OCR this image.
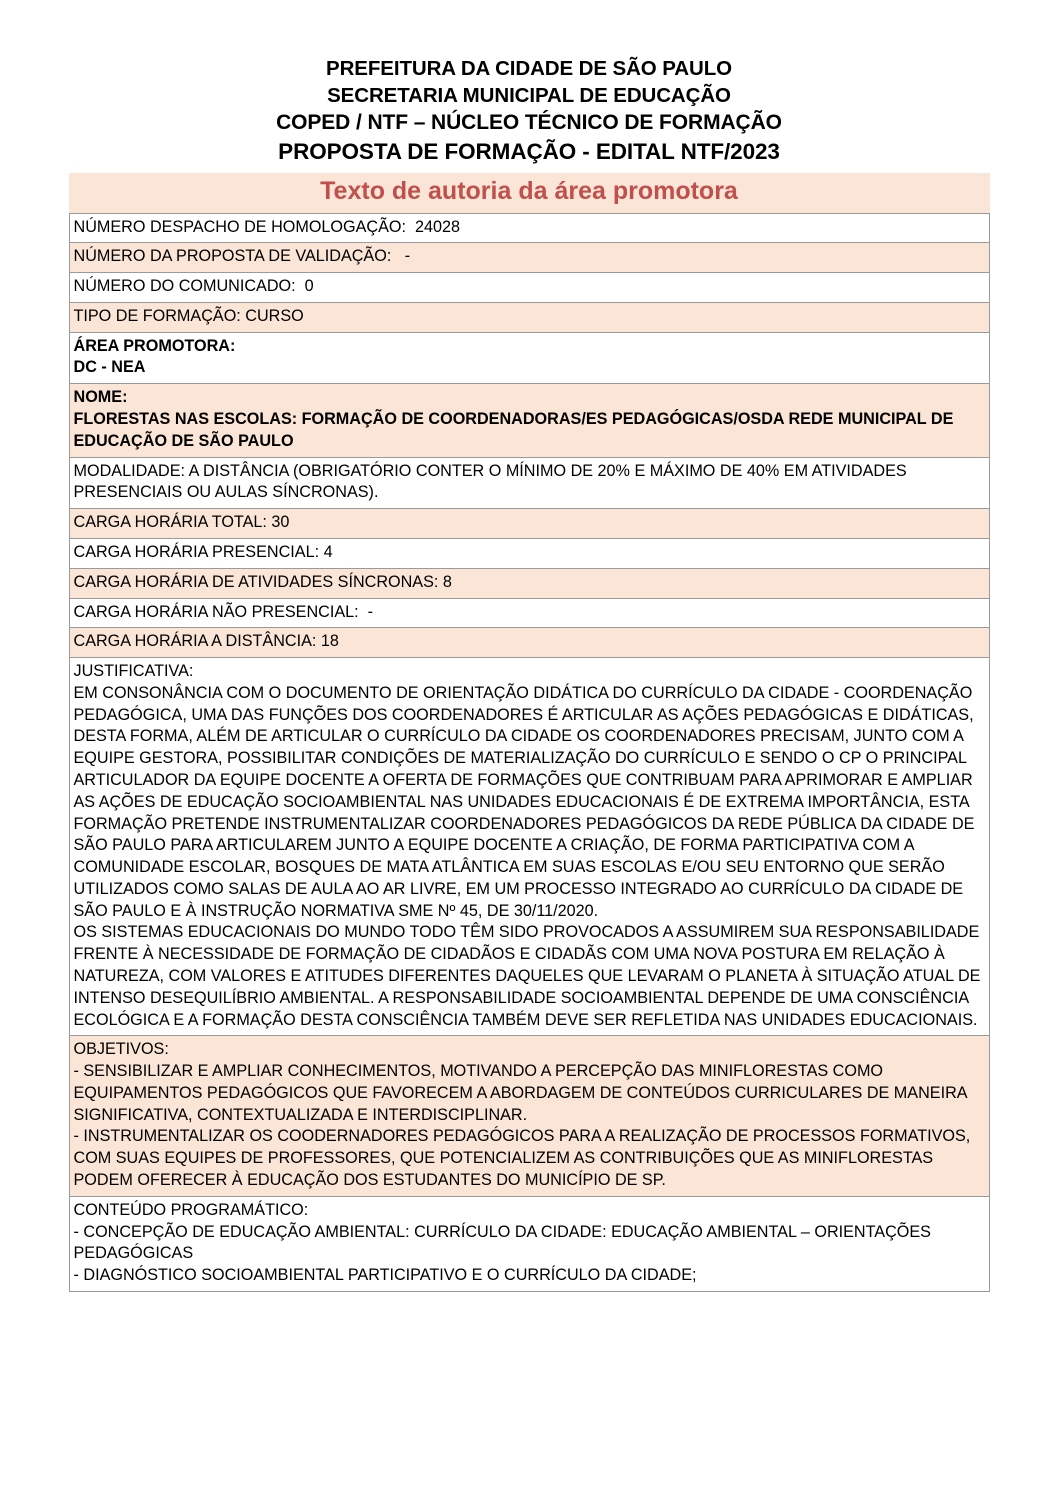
PREFEITURA DA CIDADE DE SÃO PAULO
SECRETARIA MUNICIPAL DE EDUCAÇÃO
COPED / NTF – NÚCLEO TÉCNICO DE FORMAÇÃO
PROPOSTA DE FORMAÇÃO - EDITAL NTF/2023
Texto de autoria da área promotora
NÚMERO DESPACHO DE HOMOLOGAÇÃO:  24028

NÚMERO DA PROPOSTA DE VALIDAÇÃO:   -

NÚMERO DO COMUNICADO:  0

TIPO DE FORMAÇÃO: CURSO

ÁREA PROMOTORA:
DC - NEA

NOME:
FLORESTAS NAS ESCOLAS: FORMAÇÃO DE COORDENADORAS/ES PEDAGÓGICAS/OSDA REDE MUNICIPAL DE EDUCAÇÃO DE SÃO PAULO

MODALIDADE: A DISTÂNCIA (OBRIGATÓRIO CONTER O MÍNIMO DE 20% E MÁXIMO DE 40% EM ATIVIDADES PRESENCIAIS OU AULAS SÍNCRONAS).

CARGA HORÁRIA TOTAL: 30

CARGA HORÁRIA PRESENCIAL: 4

CARGA HORÁRIA DE ATIVIDADES SÍNCRONAS: 8

CARGA HORÁRIA NÃO PRESENCIAL:  -

CARGA HORÁRIA A DISTÂNCIA: 18

JUSTIFICATIVA:
EM CONSONÂNCIA COM O DOCUMENTO DE ORIENTAÇÃO DIDÁTICA DO CURRÍCULO DA CIDADE - COORDENAÇÃO PEDAGÓGICA, UMA DAS FUNÇÕES DOS COORDENADORES É ARTICULAR AS AÇÕES PEDAGÓGICAS E DIDÁTICAS, DESTA FORMA, ALÉM DE ARTICULAR O CURRÍCULO DA CIDADE OS COORDENADORES PRECISAM, JUNTO COM A EQUIPE GESTORA, POSSIBILITAR CONDIÇÕES DE MATERIALIZAÇÃO DO CURRÍCULO E SENDO O CP O PRINCIPAL ARTICULADOR DA EQUIPE DOCENTE A OFERTA DE FORMAÇÕES QUE CONTRIBUAM PARA APRIMORAR E AMPLIAR AS AÇÕES DE EDUCAÇÃO SOCIOAMBIENTAL NAS UNIDADES EDUCACIONAIS É DE EXTREMA IMPORTÂNCIA, ESTA FORMAÇÃO PRETENDE INSTRUMENTALIZAR COORDENADORES PEDAGÓGICOS DA REDE PÚBLICA DA CIDADE DE SÃO PAULO PARA ARTICULAREM JUNTO A EQUIPE DOCENTE A CRIAÇÃO, DE FORMA PARTICIPATIVA COM A COMUNIDADE ESCOLAR, BOSQUES DE MATA ATLÂNTICA EM SUAS ESCOLAS E/OU SEU ENTORNO QUE SERÃO UTILIZADOS COMO SALAS DE AULA AO AR LIVRE, EM UM PROCESSO INTEGRADO AO CURRÍCULO DA CIDADE DE SÃO PAULO E À INSTRUÇÃO NORMATIVA SME Nº 45, DE 30/11/2020.
OS SISTEMAS EDUCACIONAIS DO MUNDO TODO TÊM SIDO PROVOCADOS A ASSUMIREM SUA RESPONSABILIDADE FRENTE À NECESSIDADE DE FORMAÇÃO DE CIDADÃOS E CIDADÃS COM UMA NOVA POSTURA EM RELAÇÃO À NATUREZA, COM VALORES E ATITUDES DIFERENTES DAQUELES QUE LEVARAM O PLANETA À SITUAÇÃO ATUAL DE INTENSO DESEQUILÍBRIO AMBIENTAL. A RESPONSABILIDADE SOCIOAMBIENTAL DEPENDE DE UMA CONSCIÊNCIA ECOLÓGICA E A FORMAÇÃO DESTA CONSCIÊNCIA TAMBÉM DEVE SER REFLETIDA NAS UNIDADES EDUCACIONAIS.

OBJETIVOS:
- SENSIBILIZAR E AMPLIAR CONHECIMENTOS, MOTIVANDO A PERCEPÇÃO DAS MINIFLORESTAS COMO EQUIPAMENTOS PEDAGÓGICOS QUE FAVORECEM A ABORDAGEM DE CONTEÚDOS CURRICULARES DE MANEIRA SIGNIFICATIVA, CONTEXTUALIZADA E INTERDISCIPLINAR.
- INSTRUMENTALIZAR OS COODERNADORES PEDAGÓGICOS PARA A REALIZAÇÃO DE PROCESSOS FORMATIVOS, COM SUAS EQUIPES DE PROFESSORES, QUE POTENCIALIZEM AS CONTRIBUIÇÕES QUE AS MINIFLORESTAS PODEM OFERECER À EDUCAÇÃO DOS ESTUDANTES DO MUNICÍPIO DE SP.

CONTEÚDO PROGRAMÁTICO:
- CONCEPÇÃO DE EDUCAÇÃO AMBIENTAL: CURRÍCULO DA CIDADE: EDUCAÇÃO AMBIENTAL – ORIENTAÇÕES PEDAGÓGICAS
- DIAGNÓSTICO SOCIOAMBIENTAL PARTICIPATIVO E O CURRÍCULO DA CIDADE;
